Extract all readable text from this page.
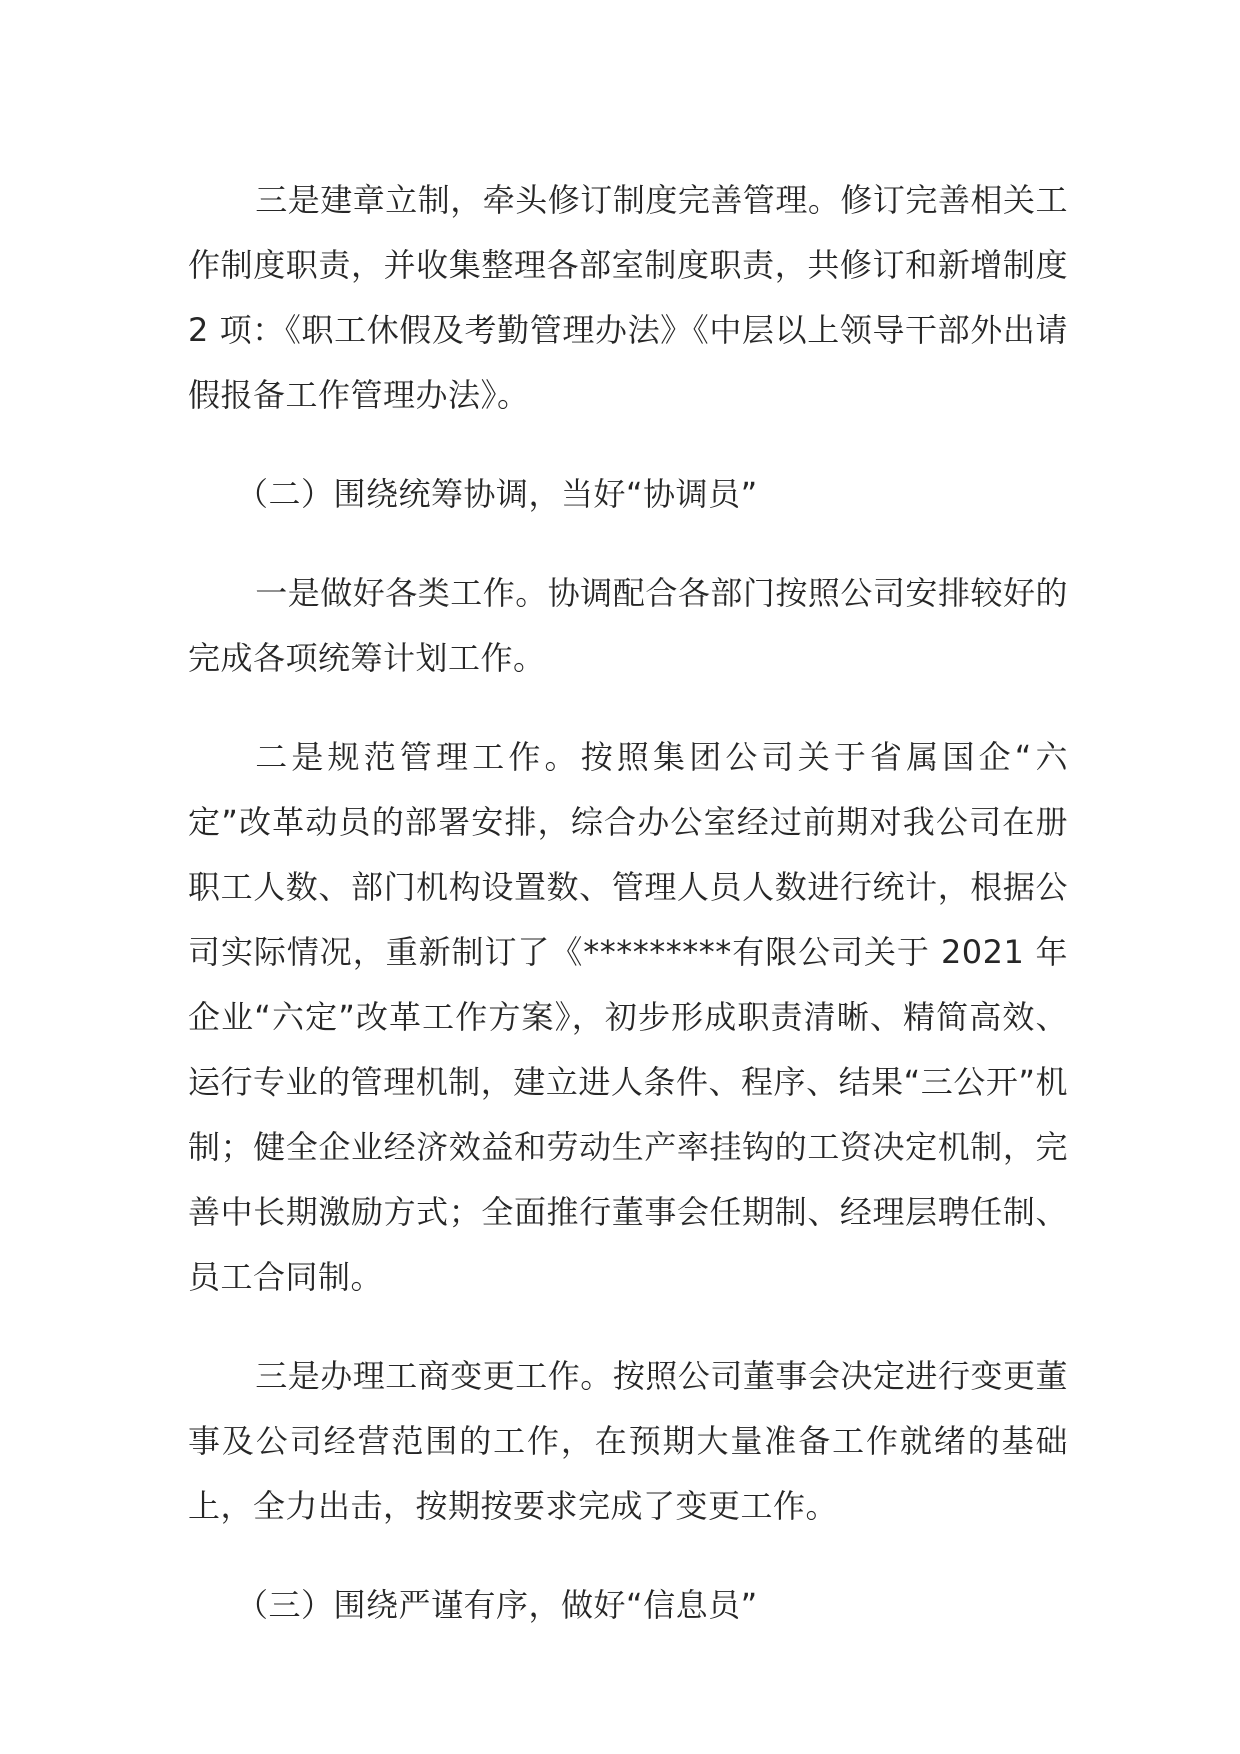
三是建章立制，牵头修订制度完善管理。修订完善相关工作制度职责，并收集整理各部室制度职责，共修订和新增制度 2 项：《职工休假及考勤管理办法》《中层以上领导干部外出请假报备工作管理办法》。

（二）围绕统筹协调，当好“协调员”

一是做好各类工作。协调配合各部门按照公司安排较好的完成各项统筹计划工作。

二是规范管理工作。按照集团公司关于省属国企“六定”改革动员的部署安排，综合办公室经过前期对我公司在册职工人数、部门机构设置数、管理人员人数进行统计，根据公司实际情况，重新制订了《*********有限公司关于 2021 年企业“六定”改革工作方案》，初步形成职责清晰、精简高效、运行专业的管理机制，建立进人条件、程序、结果“三公开”机制；健全企业经济效益和劳动生产率挂钩的工资决定机制，完善中长期激励方式；全面推行董事会任期制、经理层聘任制、员工合同制。

三是办理工商变更工作。按照公司董事会决定进行变更董事及公司经营范围的工作，在预期大量准备工作就绪的基础上，全力出击，按期按要求完成了变更工作。

（三）围绕严谨有序，做好“信息员”
